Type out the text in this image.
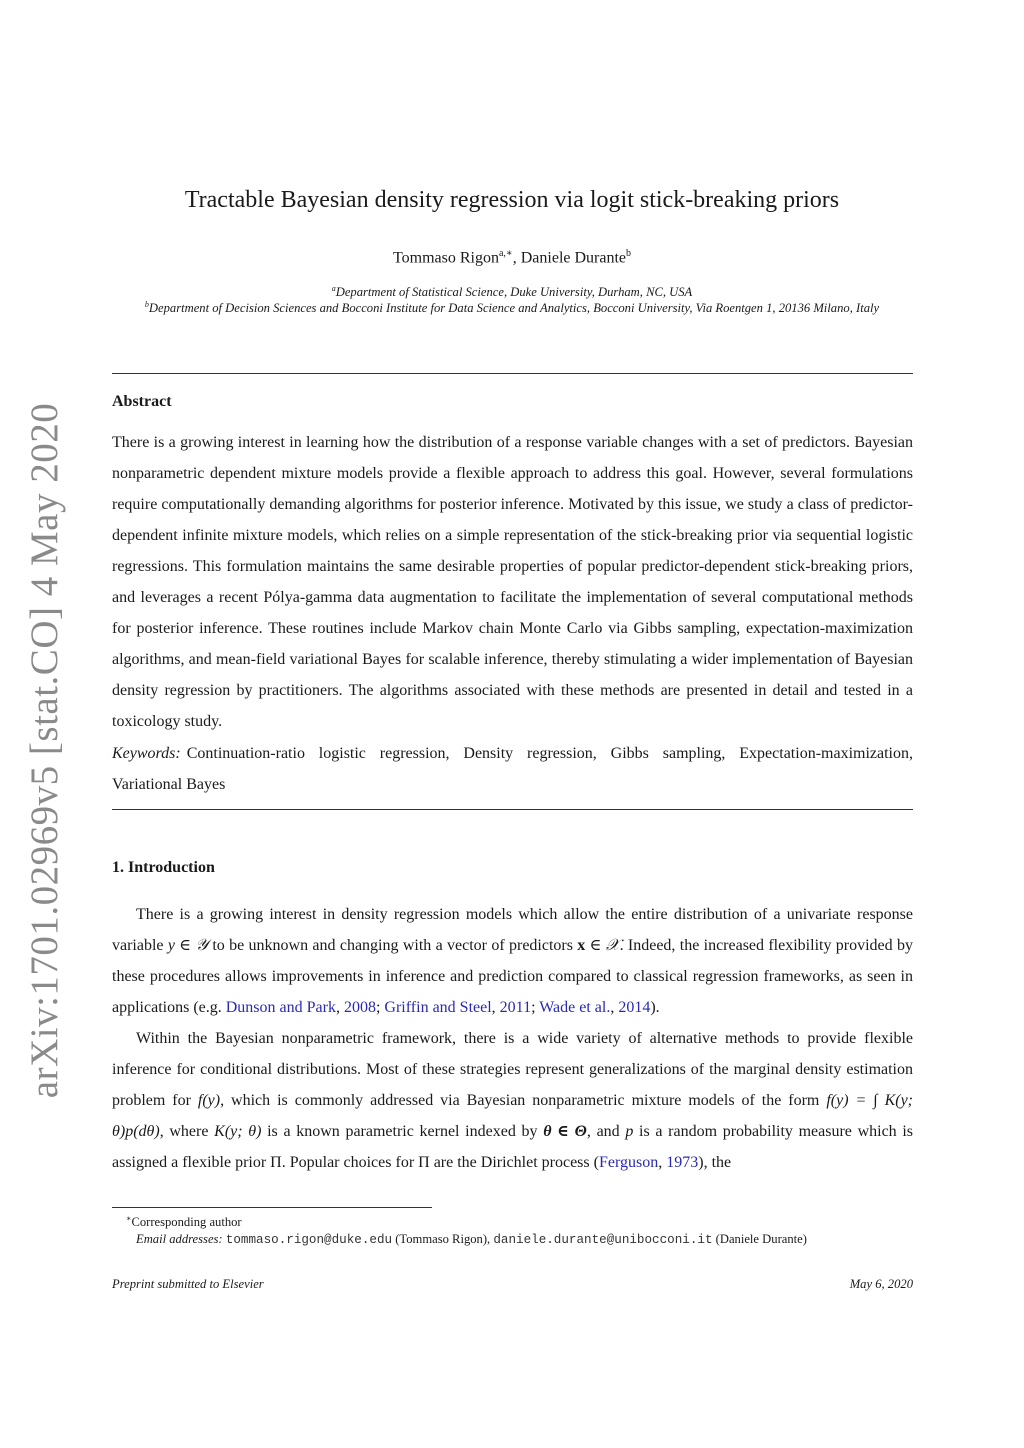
arXiv:1701.02969v5 [stat.CO] 4 May 2020
Tractable Bayesian density regression via logit stick-breaking priors
Tommaso Rigon$^{a,∗}$, Daniele Durante$^b$
$^a$Department of Statistical Science, Duke University, Durham, NC, USA
$^b$Department of Decision Sciences and Bocconi Institute for Data Science and Analytics, Bocconi University, Via Roentgen 1, 20136 Milano, Italy
Abstract
There is a growing interest in learning how the distribution of a response variable changes with a set of predictors. Bayesian nonparametric dependent mixture models provide a flexible approach to address this goal. However, several formulations require computationally demanding algorithms for posterior inference. Motivated by this issue, we study a class of predictor-dependent infinite mixture models, which relies on a simple representation of the stick-breaking prior via sequential logistic regressions. This formulation maintains the same desirable properties of popular predictor-dependent stick-breaking priors, and leverages a recent Pólya-gamma data augmentation to facilitate the implementation of several computational methods for posterior inference. These routines include Markov chain Monte Carlo via Gibbs sampling, expectation-maximization algorithms, and mean-field variational Bayes for scalable inference, thereby stimulating a wider implementation of Bayesian density regression by practitioners. The algorithms associated with these methods are presented in detail and tested in a toxicology study.
Keywords: Continuation-ratio logistic regression, Density regression, Gibbs sampling, Expectation-maximization, Variational Bayes
1. Introduction

There is a growing interest in density regression models which allow the entire distribution of a univariate response variable y ∈ 𝒴 to be unknown and changing with a vector of predictors x ∈ 𝒳. Indeed, the increased flexibility provided by these procedures allows improvements in inference and prediction compared to classical regression frameworks, as seen in applications (e.g. Dunson and Park, 2008; Griffin and Steel, 2011; Wade et al., 2014).

Within the Bayesian nonparametric framework, there is a wide variety of alternative methods to provide flexible inference for conditional distributions. Most of these strategies represent generalizations of the marginal density estimation problem for f(y), which is commonly addressed via Bayesian nonparametric mixture models of the form f(y) = ∫ K(y; θ)p(dθ), where K(y; θ) is a known parametric kernel indexed by θ ∈ Θ, and p is a random probability measure which is assigned a flexible prior Π. Popular choices for Π are the Dirichlet process (Ferguson, 1973), the

∗Corresponding author
Email addresses: tommaso.rigon@duke.edu (Tommaso Rigon), daniele.durante@unibocconi.it (Daniele Durante)
Preprint submitted to Elsevier	May 6, 2020
